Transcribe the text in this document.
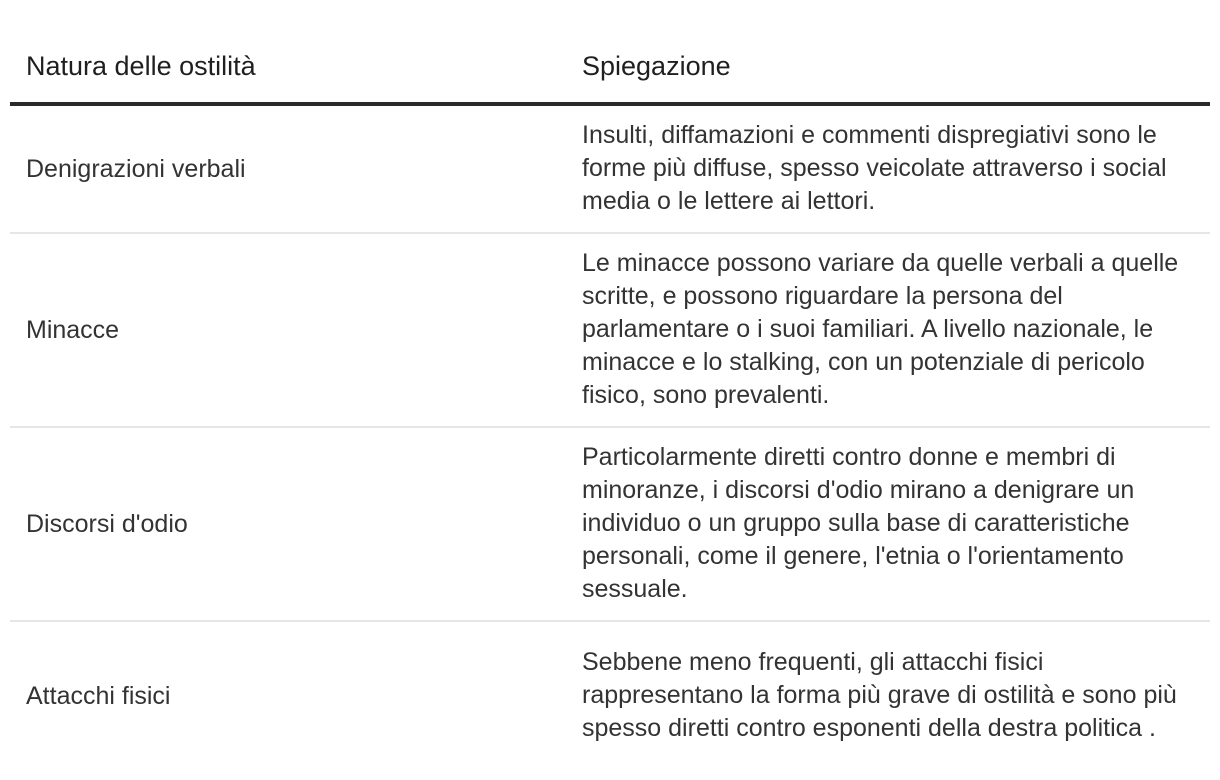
Natura delle ostilità	Spiegazione
Denigrazioni verbali	Insulti, diffamazioni e commenti dispregiativi sono le forme più diffuse, spesso veicolate attraverso i social media o le lettere ai lettori.
Minacce	Le minacce possono variare da quelle verbali a quelle scritte, e possono riguardare la persona del parlamentare o i suoi familiari. A livello nazionale, le minacce e lo stalking, con un potenziale di pericolo fisico, sono prevalenti.
Discorsi d'odio	Particolarmente diretti contro donne e membri di minoranze, i discorsi d'odio mirano a denigrare un individuo o un gruppo sulla base di caratteristiche personali, come il genere, l'etnia o l'orientamento sessuale.
Attacchi fisici	Sebbene meno frequenti, gli attacchi fisici rappresentano la forma più grave di ostilità e sono più spesso diretti contro esponenti della destra politica .
